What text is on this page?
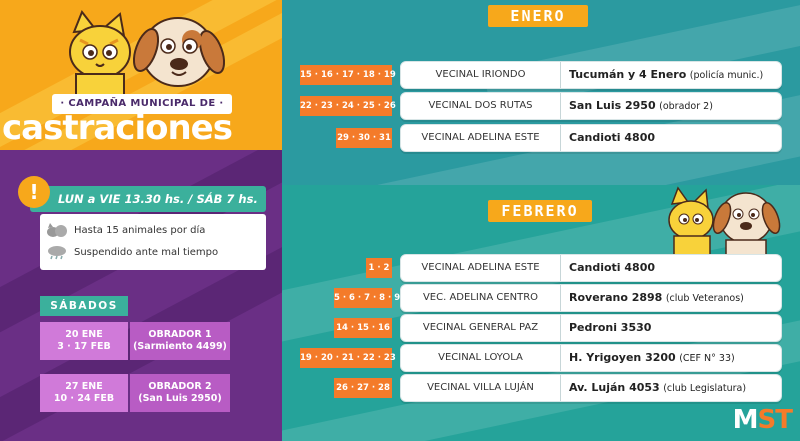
· CAMPAÑA MUNICIPAL DE ·
castraciones
LUN a VIE 13.30 hs. / SÁB 7 hs.
!
Hasta 15 animales por día
Suspendido ante mal tiempo
SÁBADOS
20 ENE
3 · 17 FEB
OBRADOR 1
(Sarmiento 4499)
27 ENE
10 · 24 FEB
OBRADOR 2
(San Luis 2950)
ENERO
FEBRERO
15 · 16 · 17 · 18 · 19	VECINAL IRIONDO	Tucumán y 4 Enero (policía munic.)
22 · 23 · 24 · 25 · 26	VECINAL DOS RUTAS	San Luis 2950 (obrador 2)
29 · 30 · 31	VECINAL ADELINA ESTE	Candioti 4800
1 · 2	VECINAL ADELINA ESTE	Candioti 4800
5 · 6 · 7 · 8 · 9	VEC. ADELINA CENTRO	Roverano 2898 (club Veteranos)
14 · 15 · 16	VECINAL GENERAL PAZ	Pedroni 3530
19 · 20 · 21 · 22 · 23	VECINAL LOYOLA	H. Yrigoyen 3200 (CEF N° 33)
26 · 27 · 28	VECINAL VILLA LUJÁN	Av. Luján 4053 (club Legislatura)
MST
